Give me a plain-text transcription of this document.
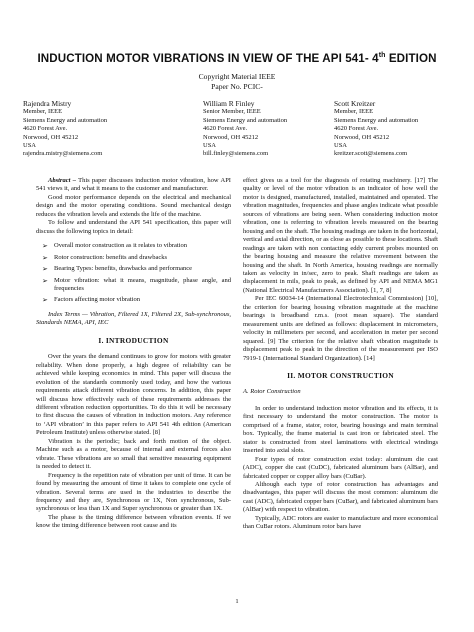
INDUCTION MOTOR VIBRATIONS IN VIEW OF THE API 541- 4th EDITION
Copyright Material IEEE
Paper No. PCIC-
Rajendra Mistry
Member, IEEE
Siemens Energy and automation
4620 Forest Ave.
Norwood, OH 45212
USA
rajendra.mistry@siemens.com
William R Finley
Senior Member, IEEE
Siemens Energy and automation
4620 Forest Ave.
Norwood, OH 45212
USA
bill.finley@siemens.com
Scott Kreitzer
Member, IEEE
Siemens Energy and automation
4620 Forest Ave.
Norwood, OH 45212
USA
kreitzer.scott@siemens.com

Abstract – This paper discusses induction motor vibration, how API 541 views it, and what it means to the customer and manufacturer.

Good motor performance depends on the electrical and mechanical design and the motor operating conditions. Sound mechanical design reduces the vibration levels and extends the life of the machine.

To follow and understand the API 541 specification, this paper will discuss the following topics in detail:

➢ Overall motor construction as it relates to vibration
➢ Rotor construction: benefits and drawbacks
➢ Bearing Types: benefits, drawbacks and performance
➢ Motor vibration: what it means, magnitude, phase angle, and frequencies
➢ Factors affecting motor vibration

Index Terms — Vibration, Filtered 1X, Filtered 2X, Sub-synchronous, Standards NEMA, API, IEC

I. INTRODUCTION

Over the years the demand continues to grow for motors with greater reliability. When done properly, a high degree of reliability can be achieved while keeping economics in mind. This paper will discuss the evolution of the standards commonly used today, and how the various requirements attack different vibration concerns. In addition, this paper will discuss how effectively each of these requirements addresses the different vibration reduction opportunities. To do this it will be necessary to first discuss the causes of vibration in induction motors. Any reference to ‘API vibration’ in this paper refers to API 541 4th edition (American Petroleum Institute) unless otherwise stated. [8]

Vibration is the periodic; back and forth motion of the object. Machine such as a motor, because of internal and external forces also vibrate. These vibrations are so small that sensitive measuring equipment is needed to detect it.

Frequency is the repetition rate of vibration per unit of time. It can be found by measuring the amount of time it takes to complete one cycle of vibration. Several terms are used in the industries to describe the frequency and they are, Synchronous or 1X, Non synchronous, Sub-synchronous or less than 1X and Super synchronous or greater than 1X.

The phase is the timing difference between vibration events. If we know the timing difference between root cause and its

effect gives us a tool for the diagnosis of rotating machinery. [17] The quality or level of the motor vibration is an indicator of how well the motor is designed, manufactured, installed, maintained and operated. The vibration magnitudes, frequencies and phase angles indicate what possible sources of vibrations are being seen. When considering induction motor vibration, one is referring to vibration levels measured on the bearing housing and on the shaft. The housing readings are taken in the horizontal, vertical and axial direction, or as close as possible to these locations. Shaft readings are taken with non contacting eddy current probes mounted on the bearing housing and measure the relative movement between the housing and the shaft. In North America, housing readings are normally taken as velocity in in/sec, zero to peak. Shaft readings are taken as displacement in mils, peak to peak, as defined by API and NEMA MG1 (National Electrical Manufacturers Association). [1, 7, 8]

Per IEC 60034-14 (International Electrotechnical Commission) [10], the criterion for bearing housing vibration magnitude at the machine bearings is broadband r.m.s. (root mean square). The standard measurement units are defined as follows: displacement in micrometers, velocity in millimeters per second, and acceleration in meter per second squared. [9] The criterion for the relative shaft vibration magnitude is displacement peak to peak in the direction of the measurement per ISO 7919-1 (International Standard Organization). [14]

II. MOTOR CONSTRUCTION
A. Rotor Construction

In order to understand induction motor vibration and its effects, it is first necessary to understand the motor construction. The motor is comprised of a frame, stator, rotor, bearing housings and main terminal box. Typically, the frame material is cast iron or fabricated steel. The stator is constructed from steel laminations with electrical windings inserted into axial slots.

Four types of rotor construction exist today: aluminum die cast (ADC), copper die cast (CuDC), fabricated aluminum bars (AlBar), and fabricated copper or copper alloy bars (CuBar).

Although each type of rotor construction has advantages and disadvantages, this paper will discuss the most common: aluminum die cast (ADC), fabricated copper bars (CuBar), and fabricated aluminum bars (AlBar) with respect to vibration.

Typically, ADC rotors are easier to manufacture and more economical than CuBar rotors. Aluminum rotor bars have

1
